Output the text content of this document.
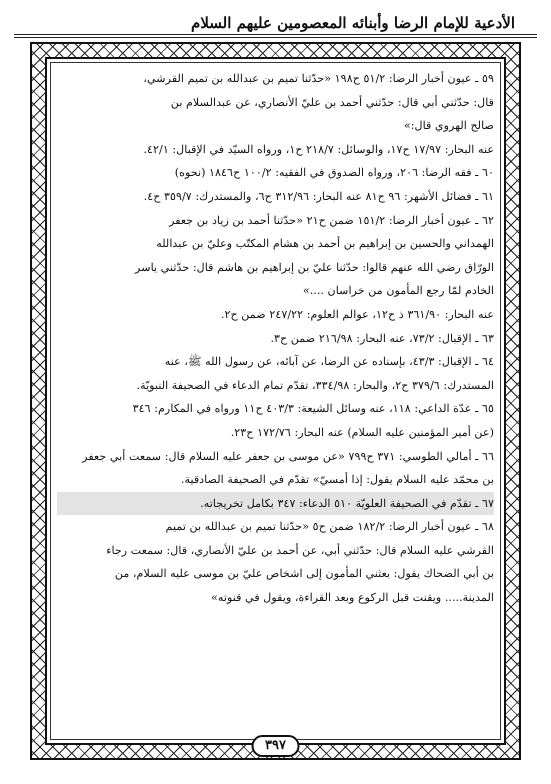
الأدعية للإمام الرضا وأبنائه المعصومين عليهم السلام

٥٩ ـ عيون أخبار الرضا: ٥١/٢ ح١٩٨ «حدّثنا تميم بن عبدالله بن تميم القرشي،

قال: حدّثني أبي قال: حدّثني أحمد بن عليّ الأنصاري، عن عبدالسلام بن

صالح الهروي قال:»

عنه البحار: ١٧/٩٧ ح١٧، والوسائل: ٢١٨/٧ ح١، ورواه السيّد في الإقبال: ٤٢/١.

٦٠ ـ فقه الرضا: ٢٠٦، ورواه الصدوق في الفقيه: ١٠٠/٢ ح١٨٤٦ (نحوه)

٦١ ـ فضائل الأشهر: ٩٦ ح٨١ عنه البحار: ٣١٢/٩٦ ح٦، والمستدرك: ٣٥٩/٧ ح٤.

٦٢ ـ عيون أخبار الرضا: ١٥١/٢ ضمن ح٢١ «حدّثنا أحمد بن زياد بن جعفر

الهمداني والحسين بن إبراهيم بن أحمد بن هشام المكتّب وعليّ بن عبدالله

الورّاق رضي الله عنهم قالوا: حدّثنا عليّ بن إبراهيم بن هاشم قال: حدّثني ياسر

الخادم لمّا رجع المأمون من خراسان ....»

عنه البحار: ٣٦١/٩٠ ذ ح١٢، عوالم العلوم: ٢٤٧/٢٢ ضمن ح٢.

٦٣ ـ الإقبال: ٧٣/٢، عنه البحار: ٢١٦/٩٨ ضمن ح٣.

٦٤ ـ الإقبال: ٤٣/٣، بإسناده عن الرضا، عن آبائه، عن رسول الله ﷺ، عنه

المستدرك: ٣٧٩/٦ ح٢، والبحار: ٣٣٤/٩٨، تقدّم تمام الدعاء في الصحيفة النبويّة.

٦٥ ـ عدّة الداعي: ١١٨، عنه وسائل الشيعة: ٤٠٣/٣ ح١١ ورواه في المكارم: ٣٤٦

(عن أمير المؤمنين عليه السلام) عنه البحار: ١٧٢/٧٦ ح٢٣.

٦٦ ـ أمالي الطوسي: ٣٧١ ح٧٩٩ «عن موسى بن جعفر عليه السلام قال: سمعت أبي جعفر

بن محمّد عليه السلام يقول: إذا أمسيّ» تقدّم في الصحيفة الصادقية.

٦٧ ـ تقدّم في الصحيفة العلويّة ٥١٠ الدعاء: ٣٤٧ بكامل تخريجاته.

٦٨ ـ عيون أخبار الرضا: ١٨٢/٢ ضمن ح٥ «حدّثنا تميم بن عبدالله بن تميم

القرشي عليه السلام قال: حدّثني أبي، عن أحمد بن عليّ الأنصاري، قال: سمعت رجاء

بن أبي الضحاك يقول: بعثني المأمون إلى اشخاص عليّ بن موسى عليه السلام، من

المدينة..... ويقنت قبل الركوع وبعد القراءة، ويقول في قنوته»

٣٩٧
